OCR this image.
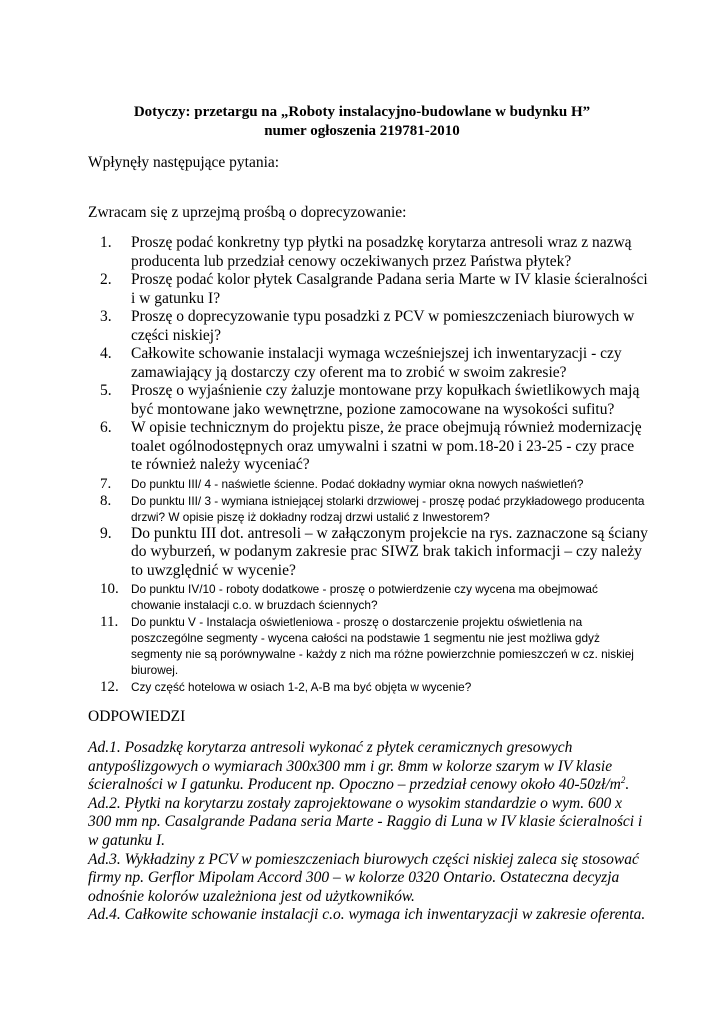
Dotyczy: przetargu na „Roboty instalacyjno-budowlane w budynku H”
numer ogłoszenia 219781-2010
Wpłynęły następujące pytania:
Zwracam się z uprzejmą prośbą o doprecyzowanie:
1. Proszę podać konkretny typ płytki na posadzkę korytarza antresoli wraz z nazwą producenta lub przedział cenowy oczekiwanych przez Państwa płytek?
2. Proszę podać kolor płytek Casalgrande Padana seria Marte w IV klasie ścieralności i w gatunku I?
3. Proszę o doprecyzowanie typu posadzki z PCV w pomieszczeniach biurowych w części niskiej?
4. Całkowite schowanie instalacji wymaga wcześniejszej ich inwentaryzacji - czy zamawiający ją dostarczy czy oferent ma to zrobić w swoim zakresie?
5. Proszę o wyjaśnienie czy żaluzje montowane przy kopułkach świetlikowych mają być montowane jako wewnętrzne, pozione zamocowane na wysokości sufitu?
6. W opisie technicznym do projektu pisze, że prace obejmują również modernizację toalet ogólnodostępnych oraz umywalni i szatni w pom.18-20 i 23-25 - czy prace te również należy wyceniać?
7. Do punktu III/ 4 - naświetle ścienne. Podać dokładny wymiar okna nowych naświetleń?
8. Do punktu III/ 3 - wymiana istniejącej stolarki drzwiowej - proszę podać przykładowego producenta drzwi? W opisie piszę iż dokładny rodzaj drzwi ustalić z Inwestorem?
9. Do punktu III dot. antresoli – w załączonym projekcie na rys. zaznaczone są ściany do wyburzeń, w podanym zakresie prac SIWZ brak takich informacji – czy należy to uwzględnić w wycenie?
10. Do punktu IV/10 - roboty dodatkowe - proszę o potwierdzenie czy wycena ma obejmować chowanie instalacji c.o. w bruzdach ściennych?
11. Do punktu V - Instalacja oświetleniowa - proszę o dostarczenie projektu oświetlenia na poszczególne segmenty - wycena całości na podstawie 1 segmentu nie jest możliwa gdyż segmenty nie są porównywalne - każdy z nich ma różne powierzchnie pomieszczeń w cz. niskiej biurowej.
12. Czy część hotelowa w osiach 1-2, A-B ma być objęta w wycenie?
ODPOWIEDZI

Ad.1. Posadzkę korytarza antresoli wykonać z płytek ceramicznych gresowych antypoślizgowych o wymiarach 300x300 mm i gr. 8mm w kolorze szarym w IV klasie ścieralności w I gatunku. Producent np. Opoczno – przedział cenowy około $40-50zł/m^2$.

Ad.2. Płytki na korytarzu zostały zaprojektowane o wysokim standardzie o wym. 600 x 300 mm np. Casalgrande Padana seria Marte - Raggio di Luna w IV klasie ścieralności i w gatunku I.

Ad.3. Wykładziny z PCV w pomieszczeniach biurowych części niskiej zaleca się stosować firmy np. Gerflor Mipolam Accord 300 – w kolorze 0320 Ontario. Ostateczna decyzja odnośnie kolorów uzależniona jest od użytkowników.

Ad.4. Całkowite schowanie instalacji c.o. wymaga ich inwentaryzacji w zakresie oferenta.
